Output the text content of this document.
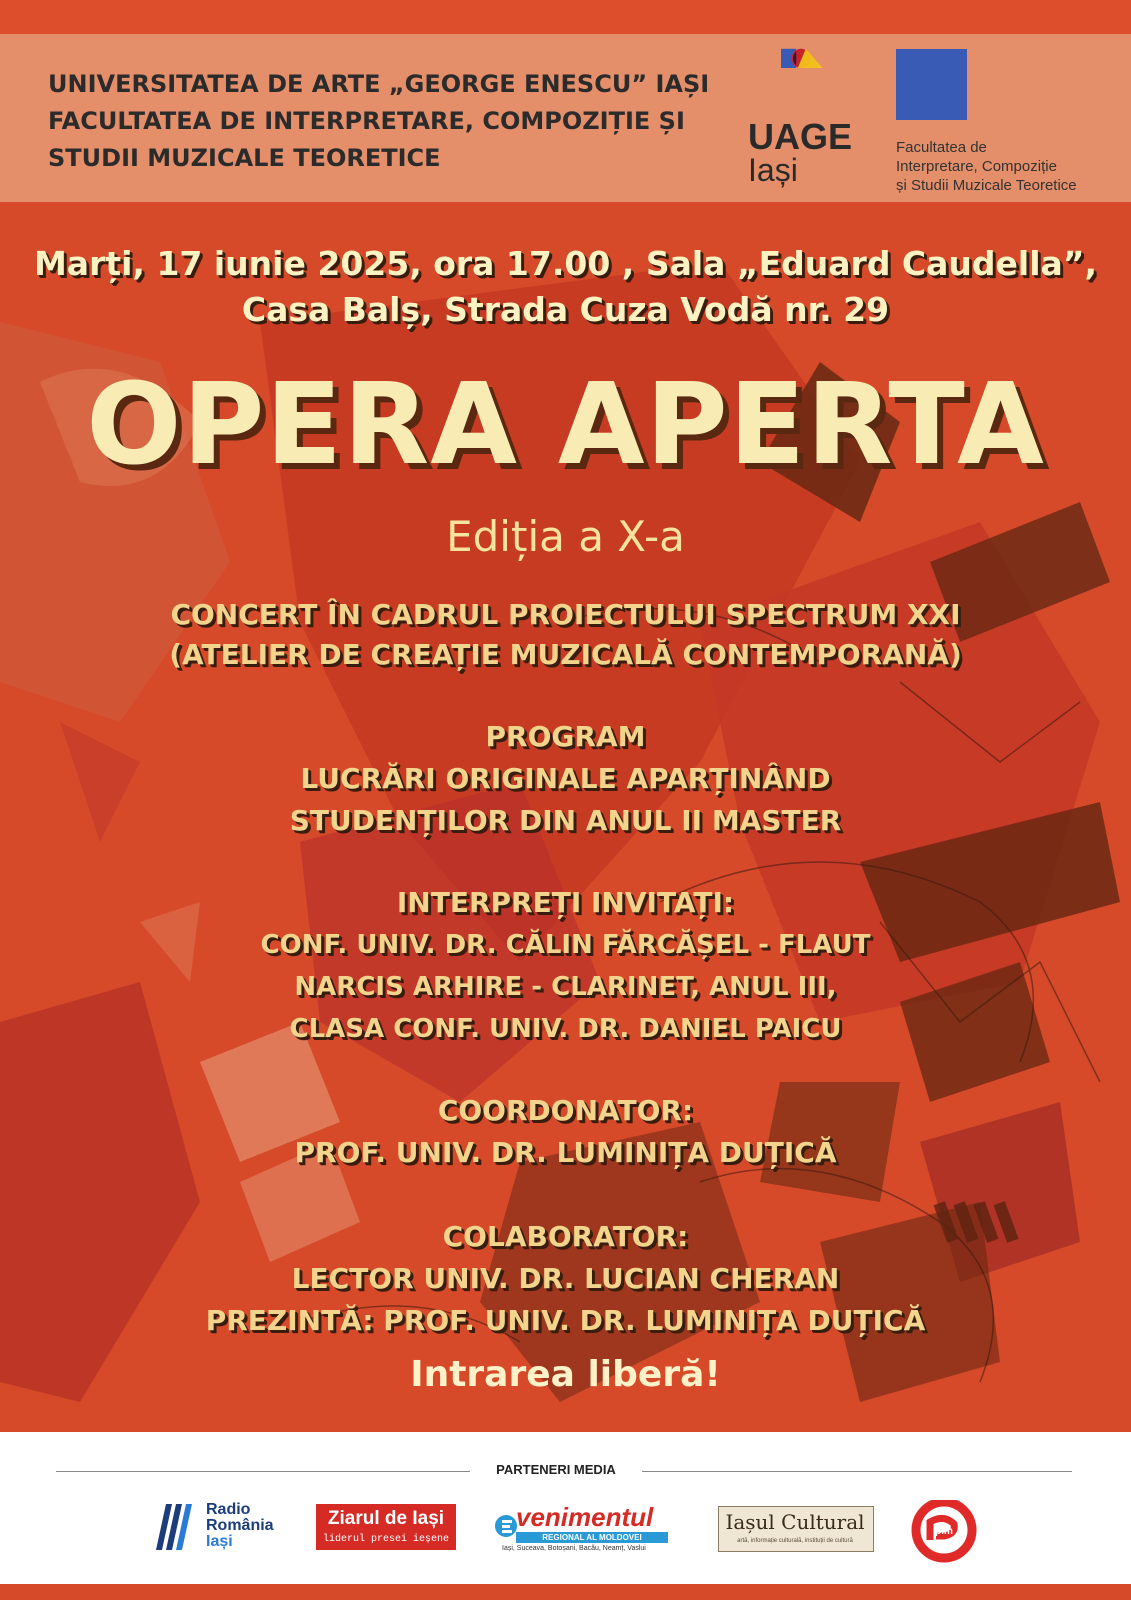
UNIVERSITATEA DE ARTE „GEORGE ENESCU” IAȘI
FACULTATEA DE INTERPRETARE, COMPOZIȚIE ȘI
STUDII MUZICALE TEORETICE
UAGE
Iași
Facultatea de
Interpretare, Compoziție
și Studii Muzicale Teoretice
Marți, 17 iunie 2025, ora 17.00 , Sala „Eduard Caudella”,
Casa Balș, Strada Cuza Vodă nr. 29
OPERA APERTA
Ediția a X-a
CONCERT ÎN CADRUL PROIECTULUI SPECTRUM XXI
(ATELIER DE CREAȚIE MUZICALĂ CONTEMPORANĂ)
PROGRAM
LUCRĂRI ORIGINALE APARȚINÂND
STUDENȚILOR DIN ANUL II MASTER
INTERPREȚI INVITAȚI:
CONF. UNIV. DR. CĂLIN FĂRCĂȘEL - FLAUT
NARCIS ARHIRE - CLARINET, ANUL III,
CLASA CONF. UNIV. DR. DANIEL PAICU
COORDONATOR:
PROF. UNIV. DR. LUMINIȚA DUȚICĂ
COLABORATOR:
LECTOR UNIV. DR. LUCIAN CHERAN
PREZINTĂ: PROF. UNIV. DR. LUMINIȚA DUȚICĂ
Intrarea liberă!
PARTENERI MEDIA
Radio
România
Iași
Ziarul de Iași
liderul presei ieșene
venimentul
REGIONAL AL MOLDOVEI
Iași, Suceava, Botoșani, Bacău, Neamț, Vaslui
Iașul Cultural
artă, informație culturală, instituții de cultură
pim
